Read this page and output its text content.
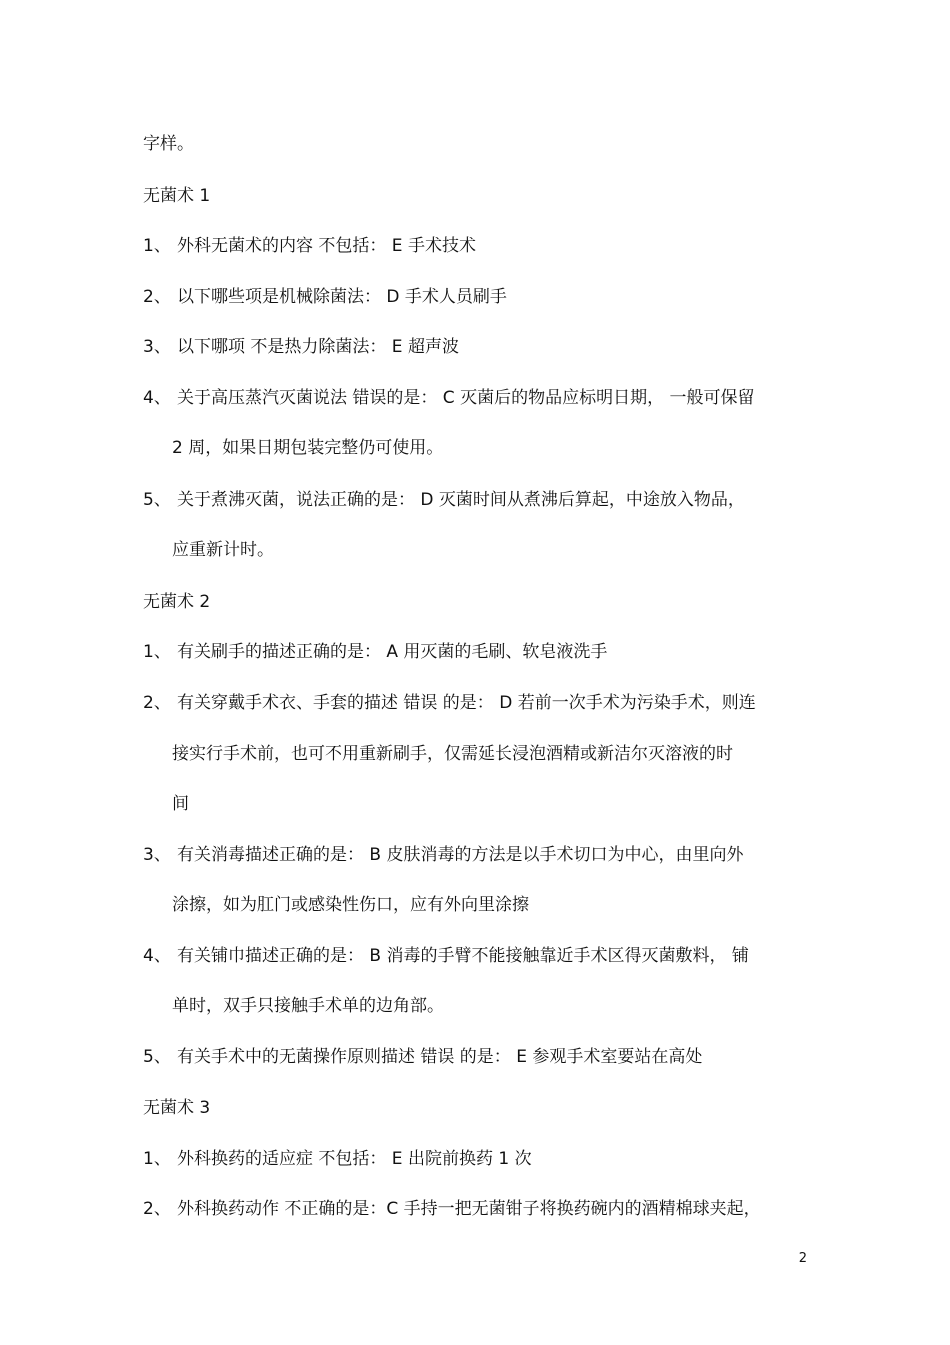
字样。

无菌术 1

1、 外科无菌术的内容 不包括： E 手术技术

2、 以下哪些项是机械除菌法： D 手术人员刷手

3、 以下哪项 不是热力除菌法： E 超声波

4、 关于高压蒸汽灭菌说法 错误的是： C 灭菌后的物品应标明日期， 一般可保留

2 周，如果日期包装完整仍可使用。

5、 关于煮沸灭菌，说法正确的是： D 灭菌时间从煮沸后算起，中途放入物品，

应重新计时。

无菌术 2

1、 有关刷手的描述正确的是： A 用灭菌的毛刷、软皂液洗手

2、 有关穿戴手术衣、手套的描述 错误 的是： D 若前一次手术为污染手术，则连

接实行手术前，也可不用重新刷手，仅需延长浸泡酒精或新洁尔灭溶液的时

间

3、 有关消毒描述正确的是： B 皮肤消毒的方法是以手术切口为中心，由里向外

涂擦，如为肛门或感染性伤口，应有外向里涂擦

4、 有关铺巾描述正确的是： B 消毒的手臂不能接触靠近手术区得灭菌敷料， 铺

单时，双手只接触手术单的边角部。

5、 有关手术中的无菌操作原则描述 错误 的是： E 参观手术室要站在高处

无菌术 3

1、 外科换药的适应症 不包括： E 出院前换药 1 次

2、 外科换药动作 不正确的是：C 手持一把无菌钳子将换药碗内的酒精棉球夹起，

2
